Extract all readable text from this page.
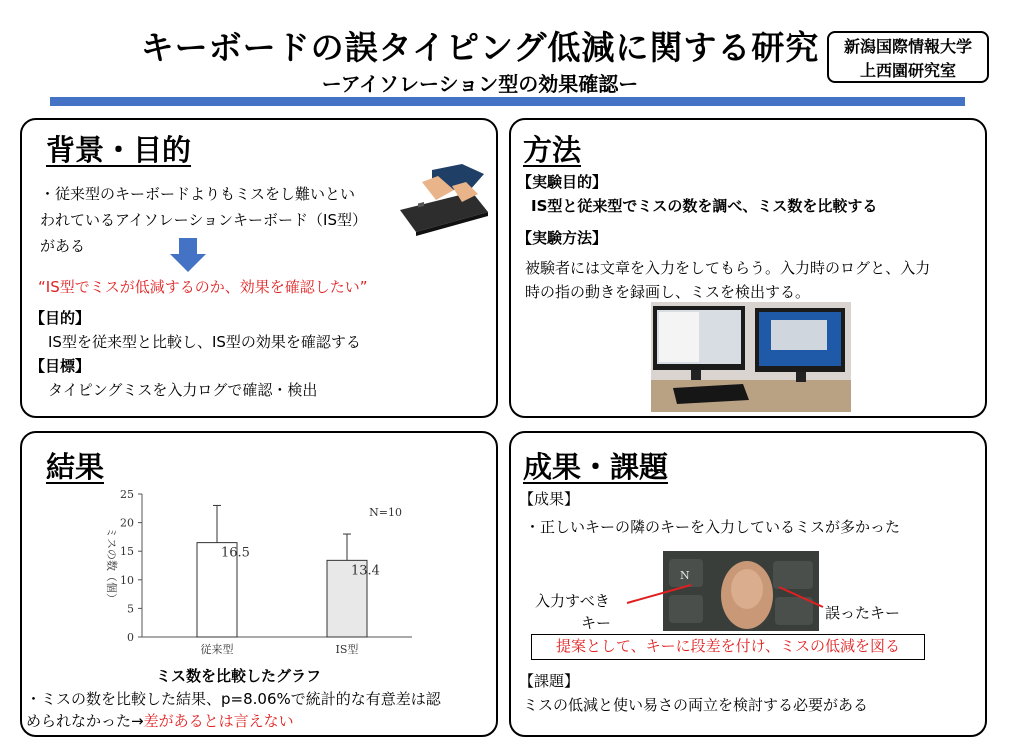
キーボードの誤タイピング低減に関する研究
ーアイソレーション型の効果確認ー
新潟国際情報大学
上西園研究室
背景・目的
・従来型のキーボードよりもミスをし難いとい
われているアイソレーションキーボード（IS型）
がある
“IS型でミスが低減するのか、効果を確認したい”
【目的】
IS型を従来型と比較し、IS型の効果を確認する
【目標】
タイピングミスを入力ログで確認・検出
方法
【実験目的】
IS型と従来型でミスの数を調べ、ミス数を比較する
【実験方法】
被験者には文章を入力をしてもらう。入力時のログと、入力
時の指の動きを録画し、ミスを検出する。
結果
0
5
10
15
20
25
ミスの数（個）	16.5
従来型
13.4
IS型
N=10
ミス数を比較したグラフ
・ミスの数を比較した結果、p=8.06%で統計的な有意差は認
められなかった→差があるとは言えない
成果・課題
【成果】
・正しいキーの隣のキーを入力しているミスが多かった
N
入力すべき
キー
誤ったキー
提案として、キーに段差を付け、ミスの低減を図る
【課題】
ミスの低減と使い易さの両立を検討する必要がある
